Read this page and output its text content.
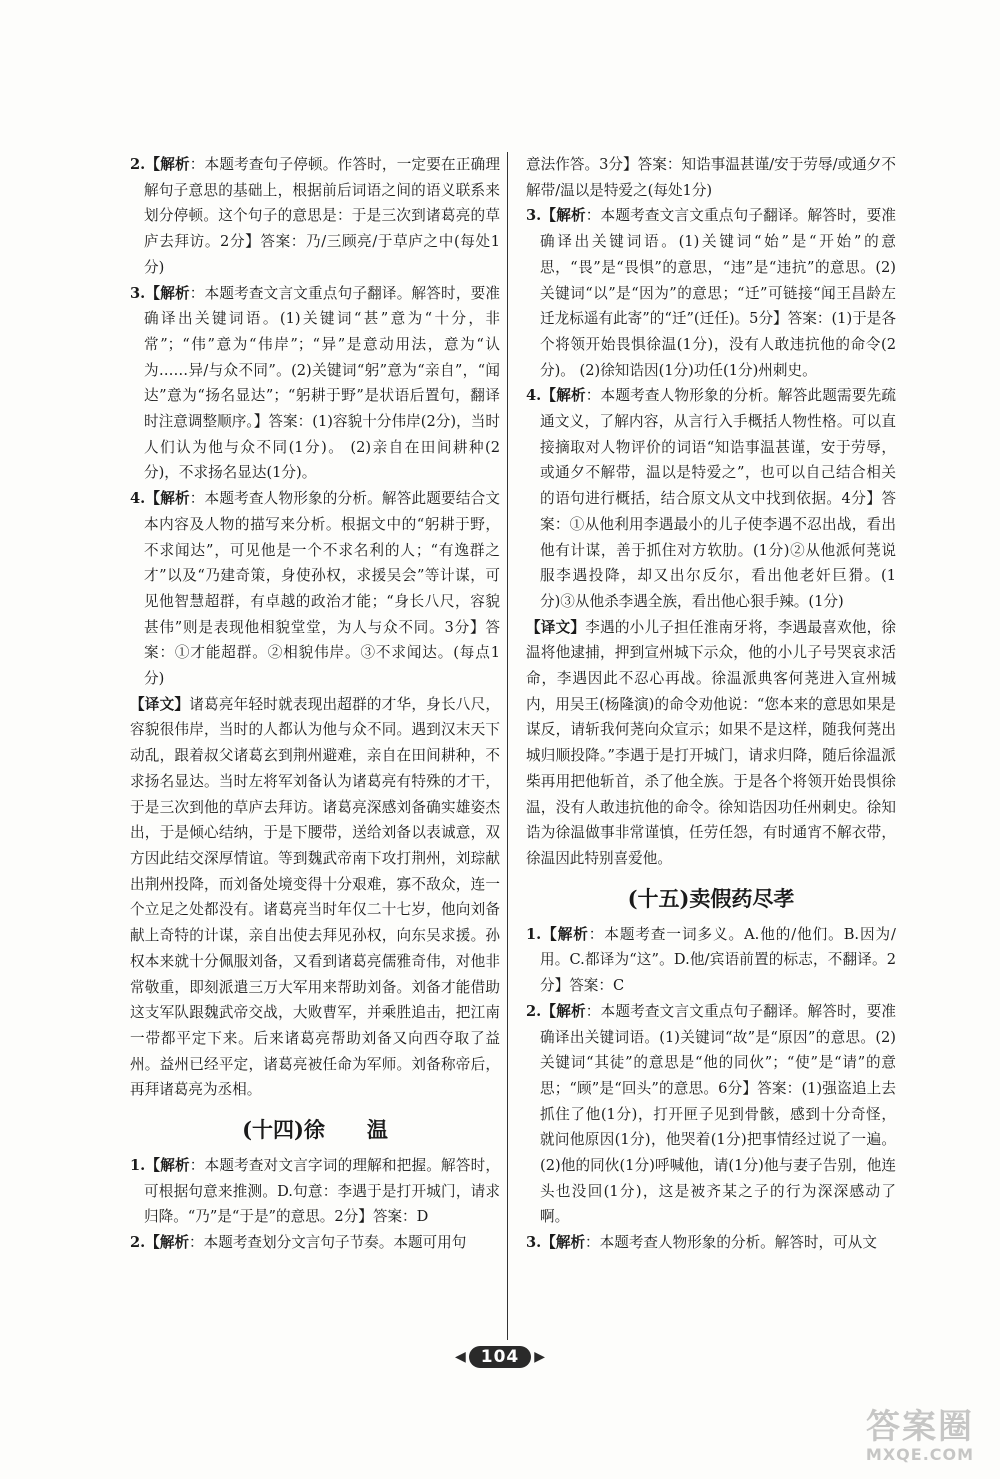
2.【解析：本题考查句子停顿。作答时，一定要在正确理解句子意思的基础上，根据前后词语之间的语义联系来划分停顿。这个句子的意思是：于是三次到诸葛亮的草庐去拜访。2分】答案：乃/三顾亮/于草庐之中(每处1分)

3.【解析：本题考查文言文重点句子翻译。解答时，要准确译出关键词语。(1)关键词“甚”意为“十分，非常”；“伟”意为“伟岸”；“异”是意动用法，意为“认为……异/与众不同”。(2)关键词“躬”意为“亲自”，“闻达”意为“扬名显达”；“躬耕于野”是状语后置句，翻译时注意调整顺序。】答案：(1)容貌十分伟岸(2分)，当时人们认为他与众不同(1分)。 (2)亲自在田间耕种(2分)，不求扬名显达(1分)。

4.【解析：本题考查人物形象的分析。解答此题要结合文本内容及人物的描写来分析。根据文中的“躬耕于野，不求闻达”，可见他是一个不求名利的人；“有逸群之才”以及“乃建奇策，身使孙权，求援吴会”等计谋，可见他智慧超群，有卓越的政治才能；“身长八尺，容貌甚伟”则是表现他相貌堂堂，为人与众不同。3分】答案：①才能超群。②相貌伟岸。③不求闻达。(每点1分)

【译文】诸葛亮年轻时就表现出超群的才华，身长八尺，容貌很伟岸，当时的人都认为他与众不同。遇到汉末天下动乱，跟着叔父诸葛玄到荆州避难，亲自在田间耕种，不求扬名显达。当时左将军刘备认为诸葛亮有特殊的才干，于是三次到他的草庐去拜访。诸葛亮深感刘备确实雄姿杰出，于是倾心结纳，于是下腰带，送给刘备以表诚意，双方因此结交深厚情谊。等到魏武帝南下攻打荆州，刘琮献出荆州投降，而刘备处境变得十分艰难，寡不敌众，连一个立足之处都没有。诸葛亮当时年仅二十七岁，他向刘备献上奇特的计谋，亲自出使去拜见孙权，向东吴求援。孙权本来就十分佩服刘备，又看到诸葛亮儒雅奇伟，对他非常敬重，即刻派遣三万大军用来帮助刘备。刘备才能借助这支军队跟魏武帝交战，大败曹军，并乘胜追击，把江南一带都平定下来。后来诸葛亮帮助刘备又向西夺取了益州。益州已经平定，诸葛亮被任命为军师。刘备称帝后，再拜诸葛亮为丞相。

(十四)徐　　温

1.【解析：本题考查对文言字词的理解和把握。解答时，可根据句意来推测。D.句意：李遇于是打开城门，请求归降。“乃”是“于是”的意思。2分】答案：D

2.【解析：本题考查划分文言句子节奏。本题可用句

意法作答。3分】答案：知诰事温甚谨/安于劳辱/或通夕不解带/温以是特爱之(每处1分)

3.【解析：本题考查文言文重点句子翻译。解答时，要准确译出关键词语。(1)关键词“始”是“开始”的意思，“畏”是“畏惧”的意思，“违”是“违抗”的意思。(2)关键词“以”是“因为”的意思；“迁”可链接“闻王昌龄左迁龙标遥有此寄”的“迁”(迁任)。5分】答案：(1)于是各个将领开始畏惧徐温(1分)，没有人敢违抗他的命令(2分)。 (2)徐知诰因(1分)功任(1分)州刺史。

4.【解析：本题考查人物形象的分析。解答此题需要先疏通文义，了解内容，从言行入手概括人物性格。可以直接摘取对人物评价的词语“知诰事温甚谨，安于劳辱，或通夕不解带，温以是特爱之”，也可以自己结合相关的语句进行概括，结合原文从文中找到依据。4分】答案：①从他利用李遇最小的儿子使李遇不忍出战，看出他有计谋，善于抓住对方软肋。(1分)②从他派何荛说服李遇投降，却又出尔反尔，看出他老奸巨猾。(1分)③从他杀李遇全族，看出他心狠手辣。(1分)

【译文】李遇的小儿子担任淮南牙将，李遇最喜欢他，徐温将他逮捕，押到宣州城下示众，他的小儿子号哭哀求活命，李遇因此不忍心再战。徐温派典客何荛进入宣州城内，用吴王(杨隆演)的命令劝他说：“您本来的意思如果是谋反，请斩我何荛向众宣示；如果不是这样，随我何荛出城归顺投降。”李遇于是打开城门，请求归降，随后徐温派柴再用把他斩首，杀了他全族。于是各个将领开始畏惧徐温，没有人敢违抗他的命令。徐知诰因功任州刺史。徐知诰为徐温做事非常谨慎，任劳任怨，有时通宵不解衣带，徐温因此特别喜爱他。

(十五)卖假药尽孝

1.【解析：本题考查一词多义。A.他的/他们。B.因为/用。C.都译为“这”。D.他/宾语前置的标志，不翻译。2分】答案：C

2.【解析：本题考查文言文重点句子翻译。解答时，要准确译出关键词语。(1)关键词“故”是“原因”的意思。(2)关键词“其徒”的意思是“他的同伙”；“使”是“请”的意思；“顾”是“回头”的意思。6分】答案：(1)强盗追上去抓住了他(1分)，打开匣子见到骨骸，感到十分奇怪，就问他原因(1分)，他哭着(1分)把事情经过说了一遍。 (2)他的同伙(1分)呼喊他，请(1分)他与妻子告别，他连头也没回(1分)，这是被齐某之子的行为深深感动了啊。

3.【解析：本题考查人物形象的分析。解答时，可从文

◀ 104	▶
答案圈
MXQE.COM
